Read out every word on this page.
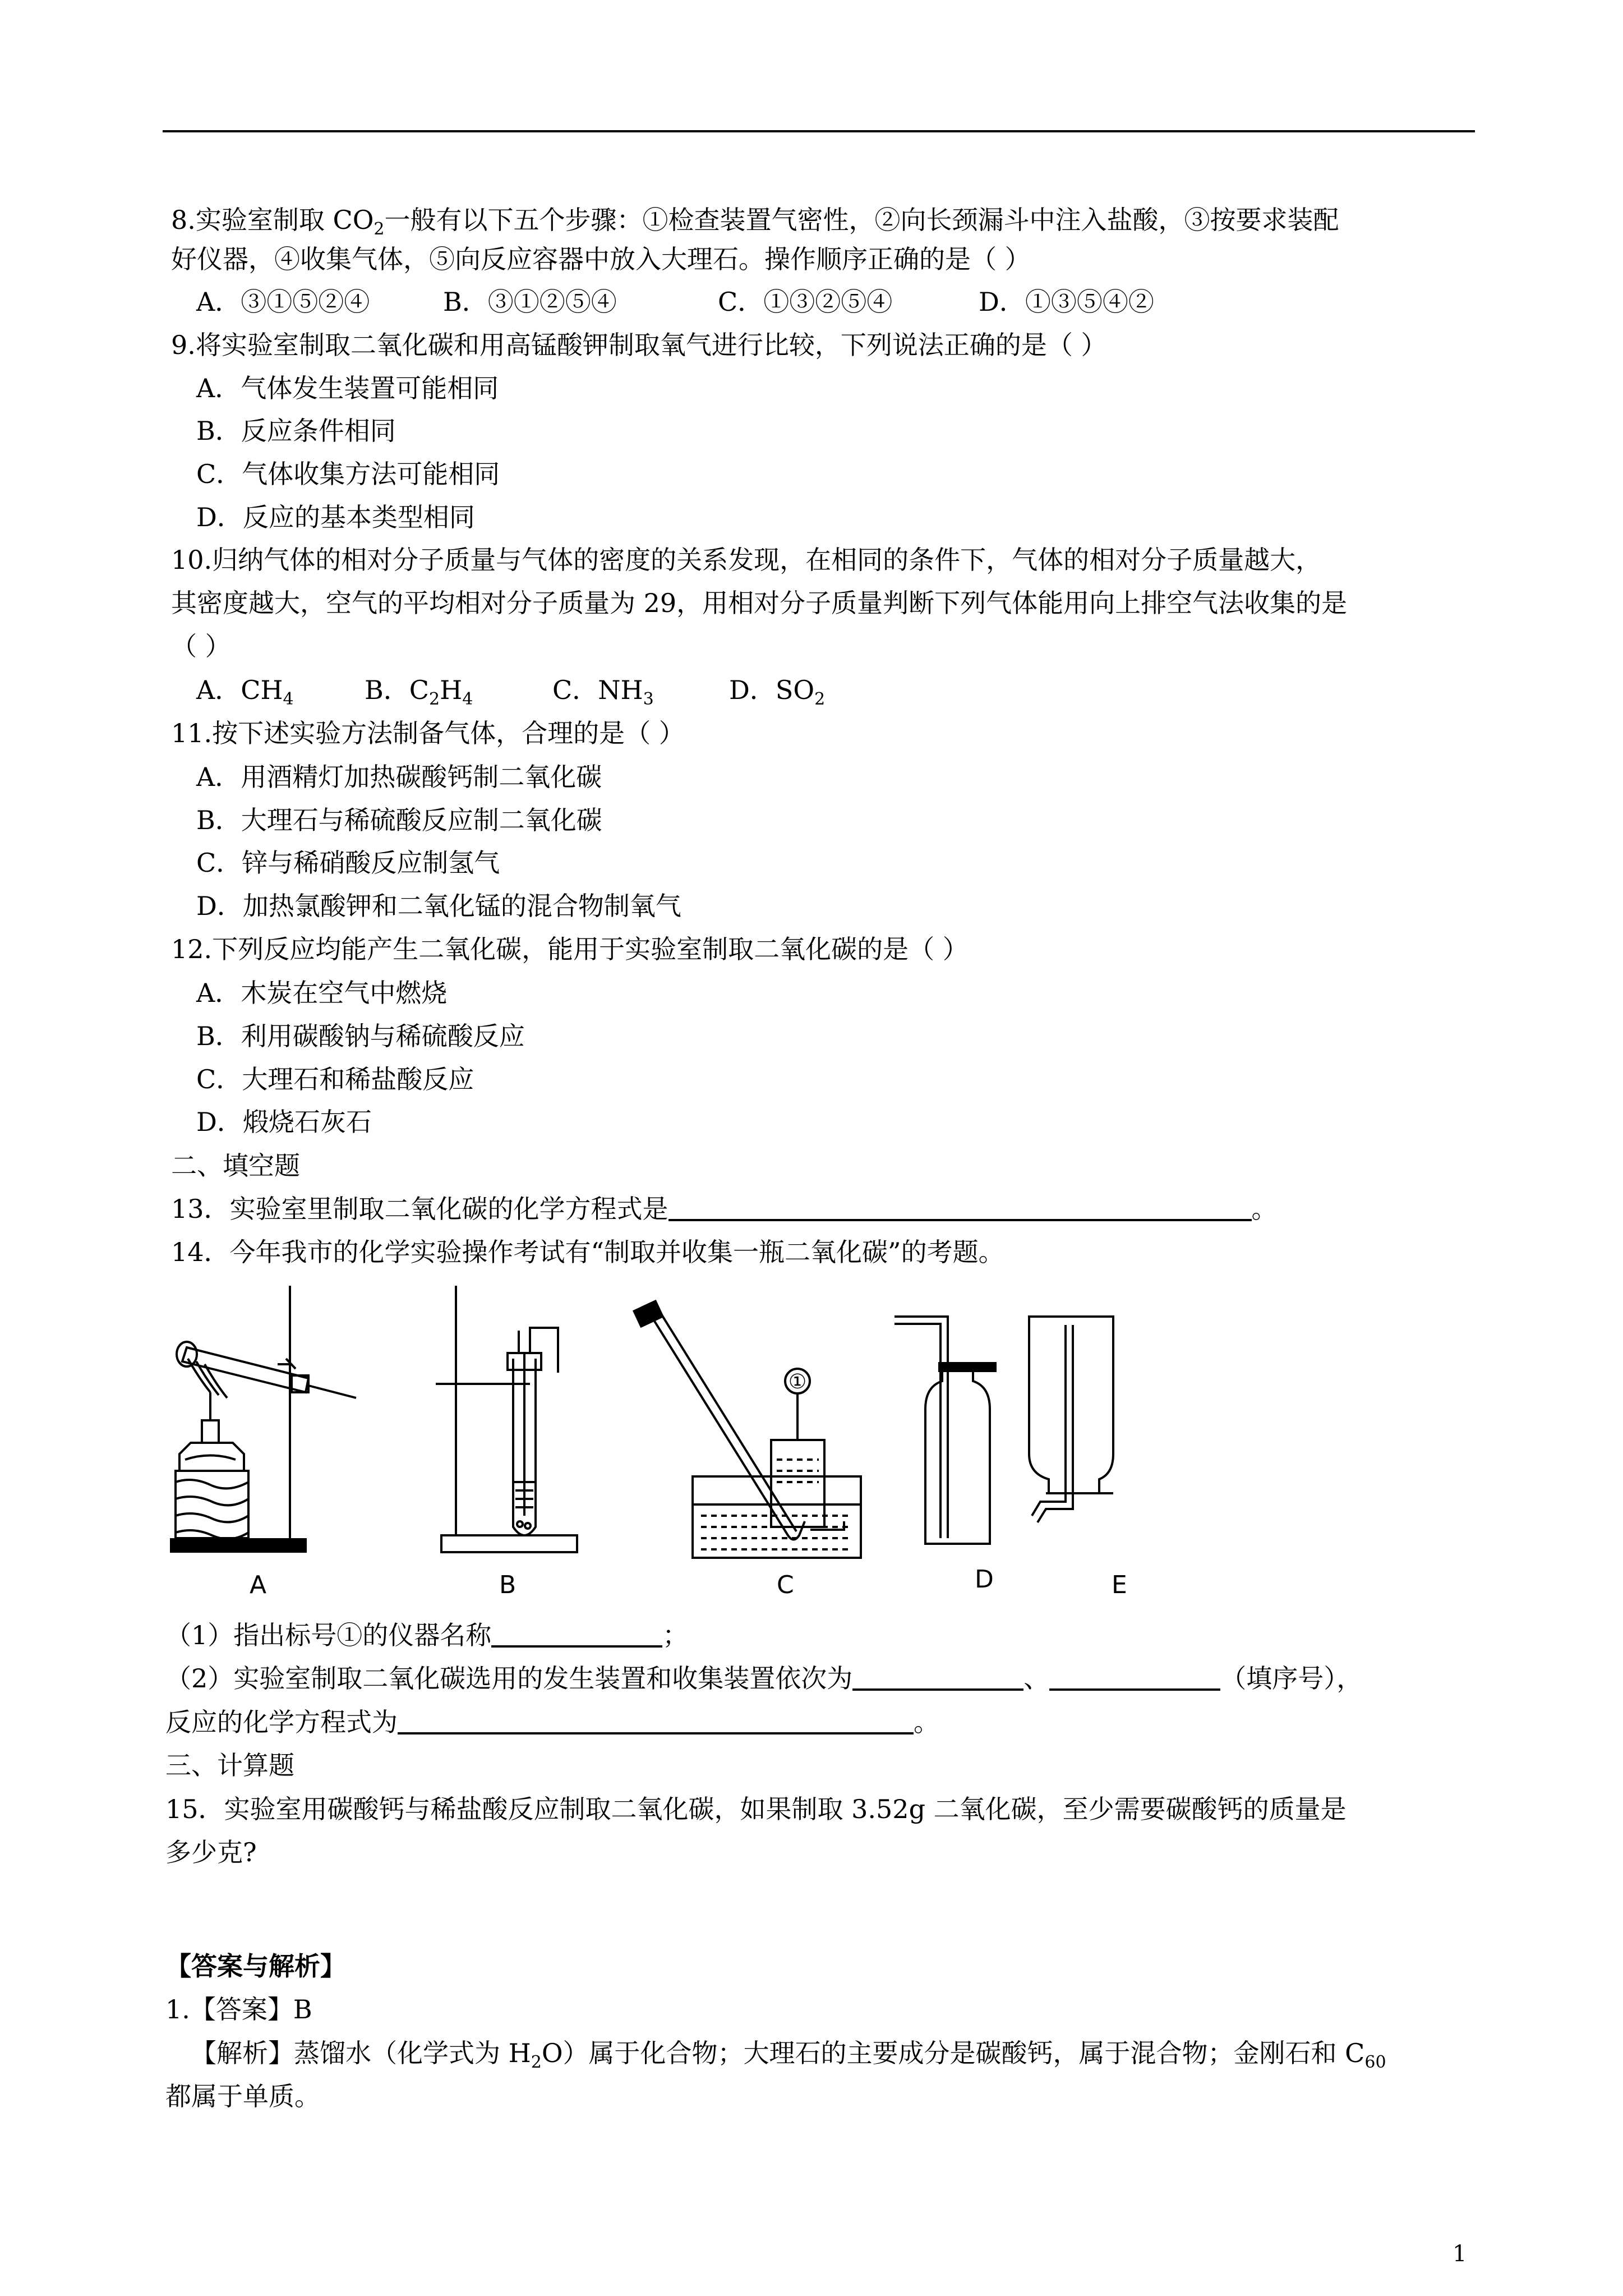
8.实验室制取 $CO_2$一般有以下五个步骤：①检查装置气密性，②向长颈漏斗中注入盐酸，③按要求装配
好仪器，④收集气体，⑤向反应容器中放入大理石。操作顺序正确的是（ ）
A．③①⑤②④	B．③①②⑤④	C．①③②⑤④	D．①③⑤④②
9.将实验室制取二氧化碳和用高锰酸钾制取氧气进行比较，下列说法正确的是（ ）
A．气体发生装置可能相同
B．反应条件相同
C．气体收集方法可能相同
D．反应的基本类型相同
10.归纳气体的相对分子质量与气体的密度的关系发现，在相同的条件下，气体的相对分子质量越大，
其密度越大，空气的平均相对分子质量为 29，用相对分子质量判断下列气体能用向上排空气法收集的是
（ ）
A．$CH_4$	B．$C_2H_4$	C．$NH_3$	D．$SO_2$
11.按下述实验方法制备气体，合理的是（ ）
A．用酒精灯加热碳酸钙制二氧化碳
B．大理石与稀硫酸反应制二氧化碳
C．锌与稀硝酸反应制氢气
D．加热氯酸钾和二氧化锰的混合物制氧气
12.下列反应均能产生二氧化碳，能用于实验室制取二氧化碳的是（ ）
A．木炭在空气中燃烧
B．利用碳酸钠与稀硫酸反应
C．大理石和稀盐酸反应
D．煅烧石灰石
二、填空题
13．实验室里制取二氧化碳的化学方程式是	。
14．今年我市的化学实验操作考试有“制取并收集一瓶二氧化碳”的考题。
①
A	B	C	D	E
（1）指出标号①的仪器名称	；
（2）实验室制取二氧化碳选用的发生装置和收集装置依次为	、	（填序号），
反应的化学方程式为	。
三、计算题
15．实验室用碳酸钙与稀盐酸反应制取二氧化碳，如果制取 3.52g 二氧化碳，至少需要碳酸钙的质量是
多少克?
【答案与解析】
1.【答案】B
【解析】蒸馏水（化学式为 $H_2O$）属于化合物；大理石的主要成分是碳酸钙，属于混合物；金刚石和 $C_{60}$
都属于单质。
1
